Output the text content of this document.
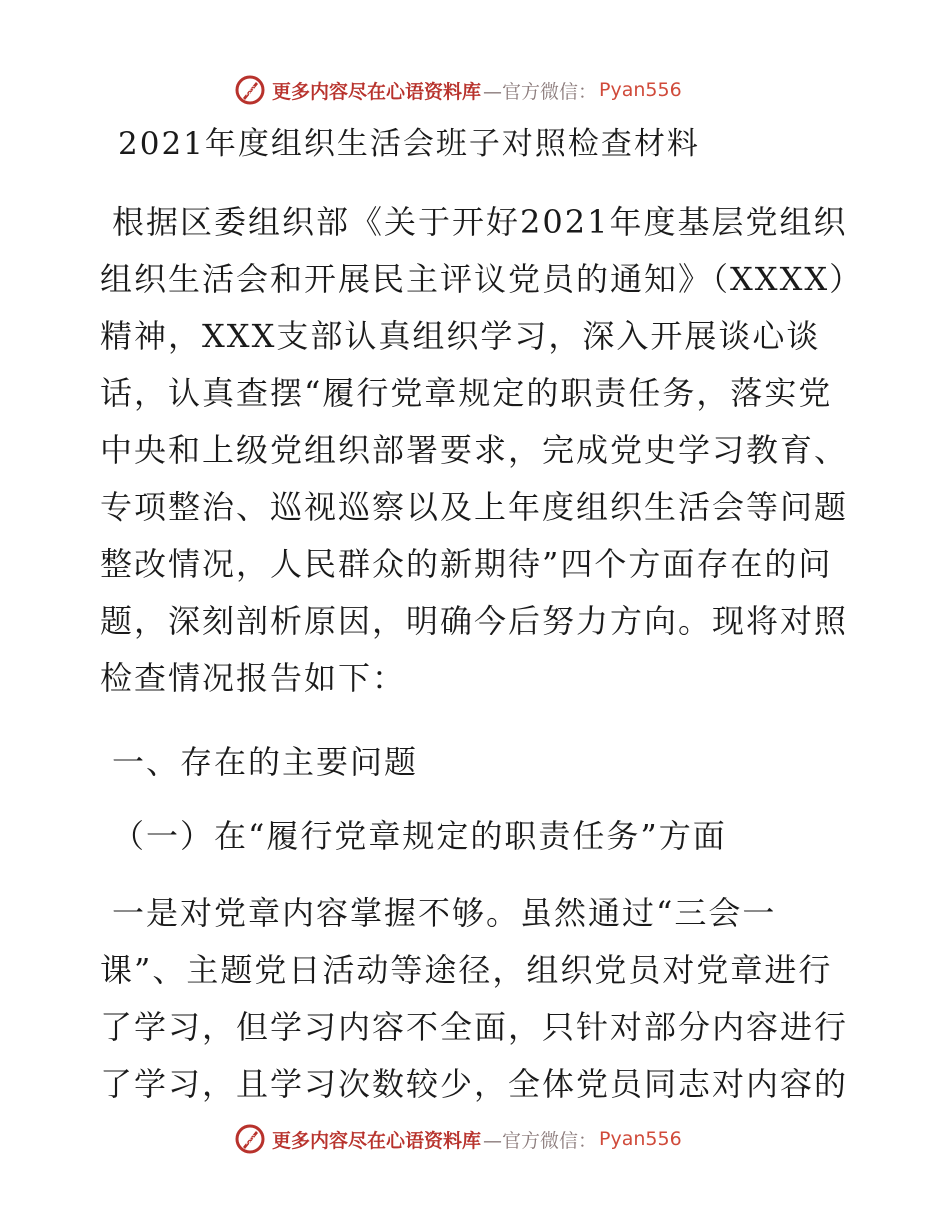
语 更多内容尽在心语资料库 —官方微信： Pyan556
2021年度组织生活会班子对照检查材料
根据区委组织部《关于开好2021年度基层党组织
组织生活会和开展民主评议党员的通知》（XXXX）
精神，XXX支部认真组织学习，深入开展谈心谈
话，认真查摆“履行党章规定的职责任务，落实党
中央和上级党组织部署要求，完成党史学习教育、
专项整治、巡视巡察以及上年度组织生活会等问题
整改情况，人民群众的新期待”四个方面存在的问
题，深刻剖析原因，明确今后努力方向。现将对照
检查情况报告如下：
一、存在的主要问题
（一）在“履行党章规定的职责任务”方面
一是对党章内容掌握不够。虽然通过“三会一
课”、主题党日活动等途径，组织党员对党章进行
了学习，但学习内容不全面，只针对部分内容进行
了学习，且学习次数较少，全体党员同志对内容的
语 更多内容尽在心语资料库 —官方微信： Pyan556
